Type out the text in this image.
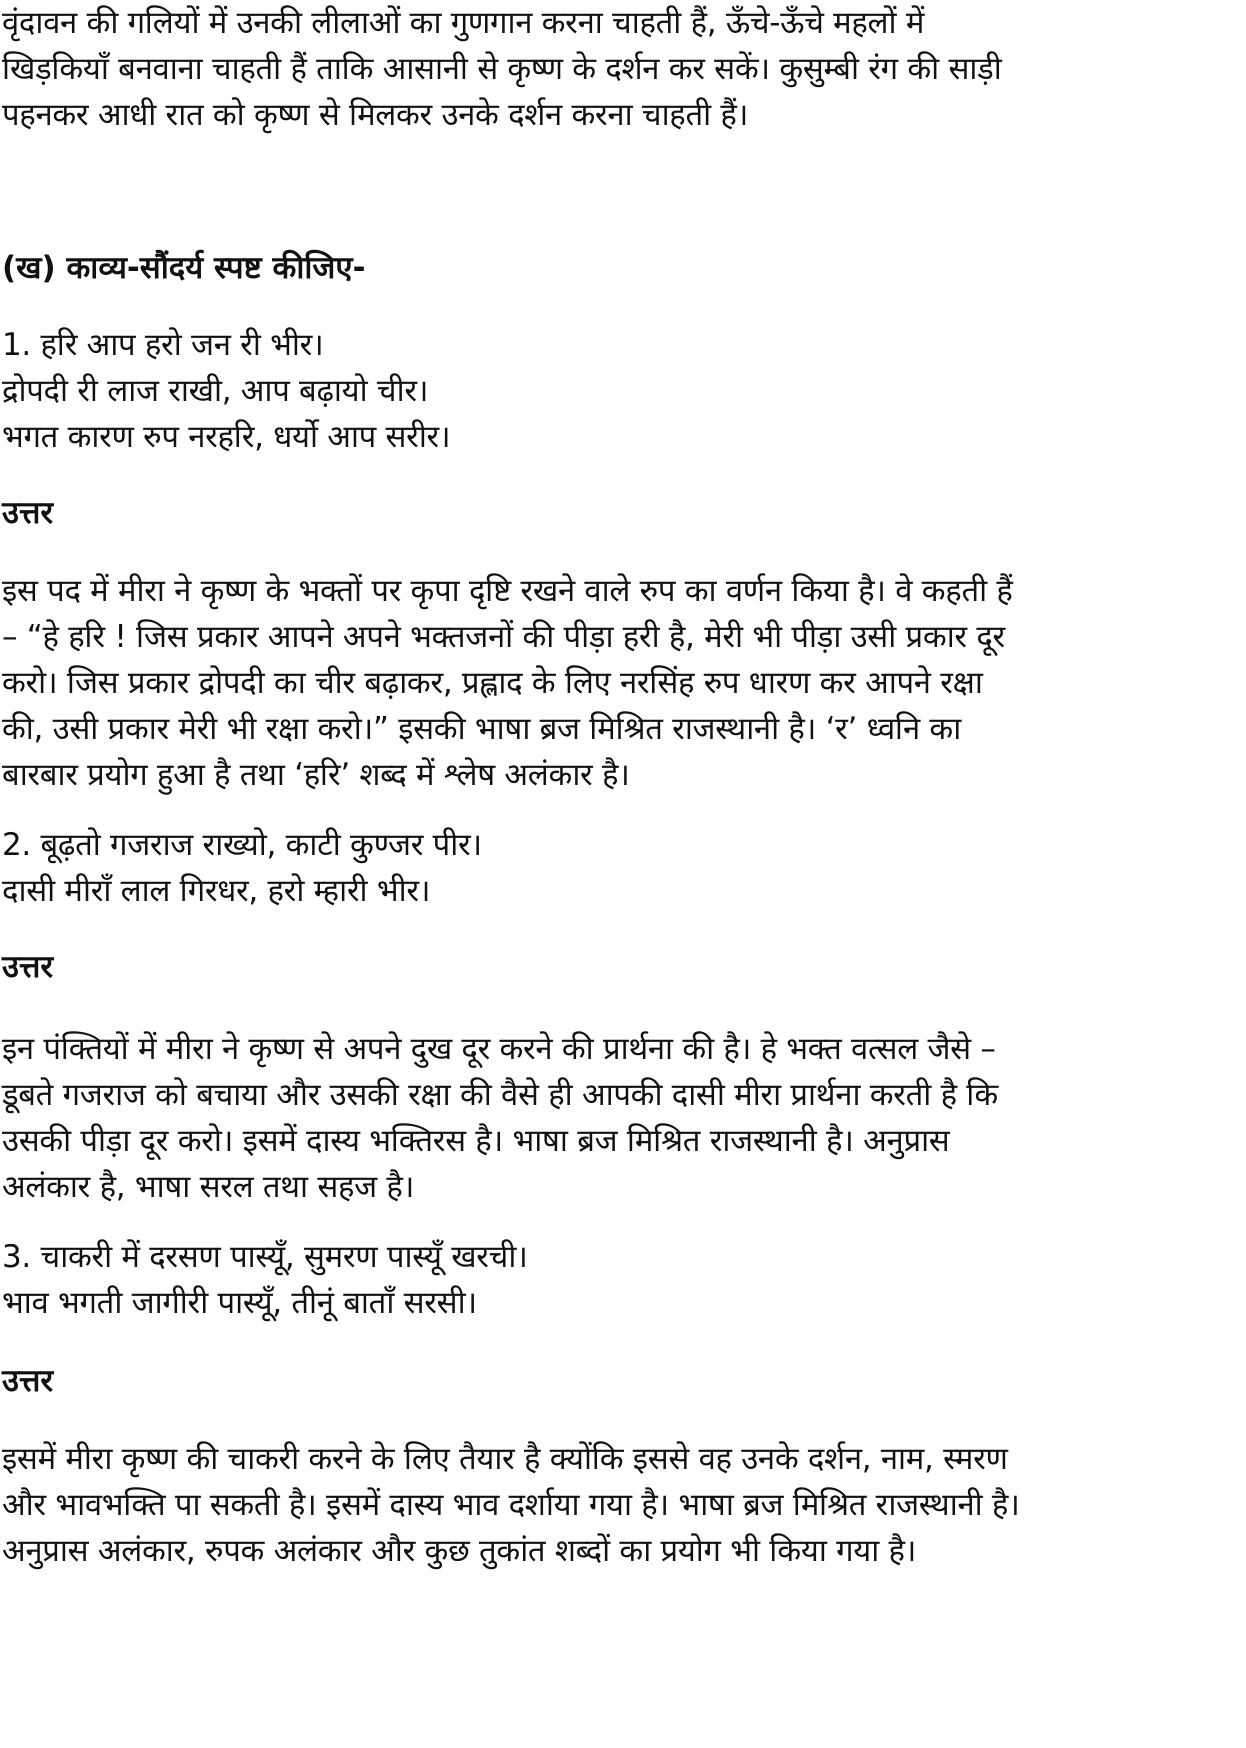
वृंदावन की गलियों में उनकी लीलाओं का गुणगान करना चाहती हैं, ऊँचे-ऊँचे महलों में
खिड़कियाँ बनवाना चाहती हैं ताकि आसानी से कृष्ण के दर्शन कर सकें। कुसुम्बी रंग की साड़ी
पहनकर आधी रात को कृष्ण से मिलकर उनके दर्शन करना चाहती हैं।
(ख) काव्य-सौंदर्य स्पष्ट कीजिए-
1. हरि आप हरो जन री भीर।
द्रोपदी री लाज राखी, आप बढ़ायो चीर।
भगत कारण रुप नरहरि, धर्यो आप सरीर।
उत्तर
इस पद में मीरा ने कृष्ण के भक्तों पर कृपा दृष्टि रखने वाले रुप का वर्णन किया है। वे कहती हैं
– “हे हरि ! जिस प्रकार आपने अपने भक्तजनों की पीड़ा हरी है, मेरी भी पीड़ा उसी प्रकार दूर
करो। जिस प्रकार द्रोपदी का चीर बढ़ाकर, प्रह्लाद के लिए नरसिंह रुप धारण कर आपने रक्षा
की, उसी प्रकार मेरी भी रक्षा करो।” इसकी भाषा ब्रज मिश्रित राजस्थानी है। ‘र’ ध्वनि का
बारबार प्रयोग हुआ है तथा ‘हरि’ शब्द में श्लेष अलंकार है।
2. बूढ़तो गजराज राख्यो, काटी कुण्जर पीर।
दासी मीराँ लाल गिरधर, हरो म्हारी भीर।
उत्तर
इन पंक्तियों में मीरा ने कृष्ण से अपने दुख दूर करने की प्रार्थना की है। हे भक्त वत्सल जैसे –
डूबते गजराज को बचाया और उसकी रक्षा की वैसे ही आपकी दासी मीरा प्रार्थना करती है कि
उसकी पीड़ा दूर करो। इसमें दास्य भक्तिरस है। भाषा ब्रज मिश्रित राजस्थानी है। अनुप्रास
अलंकार है, भाषा सरल तथा सहज है।
3. चाकरी में दरसण पास्यूँ, सुमरण पास्यूँ खरची।
भाव भगती जागीरी पास्यूँ, तीनूं बाताँ सरसी।
उत्तर
इसमें मीरा कृष्ण की चाकरी करने के लिए तैयार है क्योंकि इससे वह उनके दर्शन, नाम, स्मरण
और भावभक्ति पा सकती है। इसमें दास्य भाव दर्शाया गया है। भाषा ब्रज मिश्रित राजस्थानी है।
अनुप्रास अलंकार, रुपक अलंकार और कुछ तुकांत शब्दों का प्रयोग भी किया गया है।
